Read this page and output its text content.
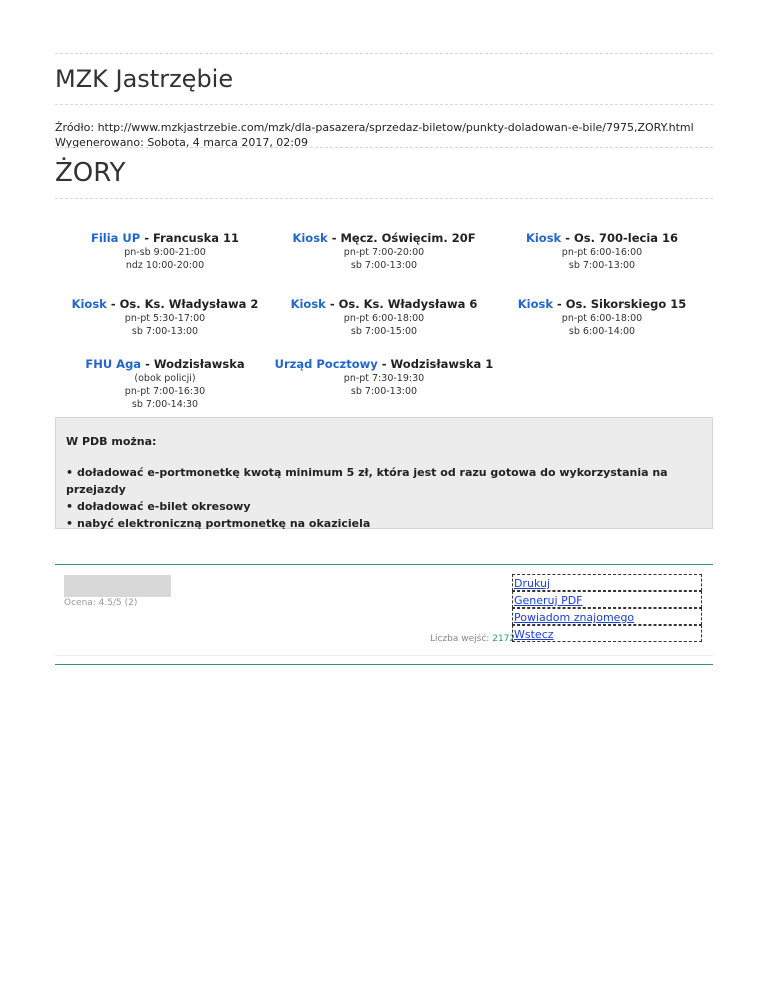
MZK Jastrzębie
Źródło: http://www.mzkjastrzebie.com/mzk/dla-pasazera/sprzedaz-biletow/punkty-doladowan-e-bile/7975,ZORY.html
Wygenerowano: Sobota, 4 marca 2017, 02:09
ŻORY
Filia UP - Francuska 11
pn-sb 9:00-21:00
ndz 10:00-20:00
Kiosk - Męcz. Oświęcim. 20F
pn-pt 7:00-20:00
sb 7:00-13:00
Kiosk - Os. 700-lecia 16
pn-pt 6:00-16:00
sb 7:00-13:00
Kiosk - Os. Ks. Władysława 2
pn-pt 5:30-17:00
sb 7:00-13:00
Kiosk - Os. Ks. Władysława 6
pn-pt 6:00-18:00
sb 7:00-15:00
Kiosk - Os. Sikorskiego 15
pn-pt 6:00-18:00
sb 6:00-14:00
FHU Aga - Wodzisławska
(obok policji)
pn-pt 7:00-16:30
sb 7:00-14:30
Urząd Pocztowy - Wodzisławska 1
pn-pt 7:30-19:30
sb 7:00-13:00
W PDB można:
• doładować e-portmonetkę kwotą minimum 5 zł, która jest od razu gotowa do wykorzystania na przejazdy
• doładować e-bilet okresowy
• nabyć elektroniczną portmonetkę na okaziciela
Ocena: 4.5/5 (2)
Liczba wejść: 2172
Drukuj
Generuj PDF
Powiadom znajomego
Wstecz
